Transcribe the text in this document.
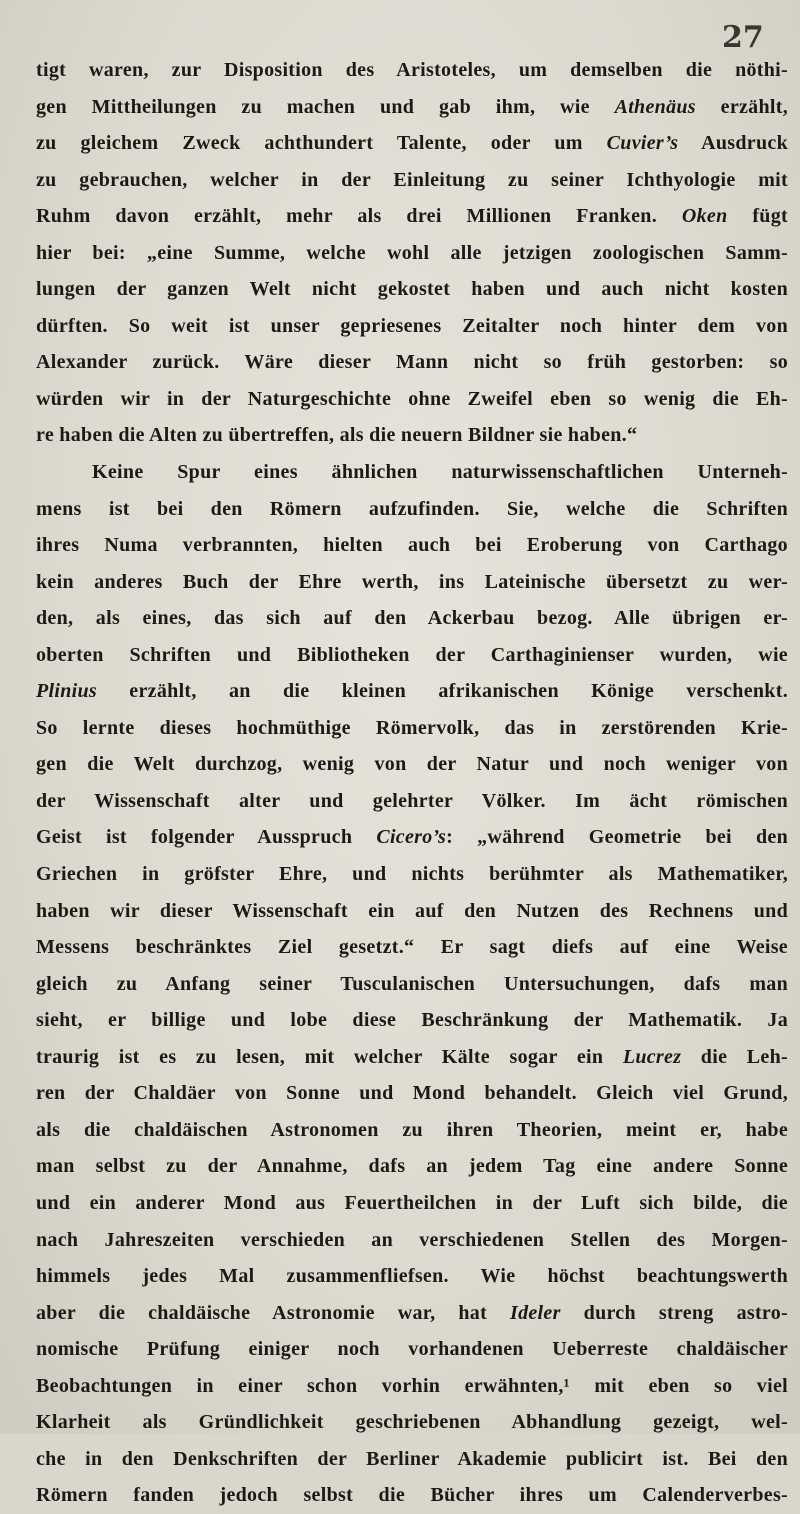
27
tigt waren, zur Disposition des Aristoteles, um demselben die nöthi-
gen Mittheilungen zu machen und gab ihm, wie Athenäus erzählt,
zu gleichem Zweck achthundert Talente, oder um Cuvier’s Ausdruck
zu gebrauchen, welcher in der Einleitung zu seiner Ichthyologie mit
Ruhm davon erzählt, mehr als drei Millionen Franken. Oken fügt
hier bei: „eine Summe, welche wohl alle jetzigen zoologischen Samm-
lungen der ganzen Welt nicht gekostet haben und auch nicht kosten
dürften. So weit ist unser gepriesenes Zeitalter noch hinter dem von
Alexander zurück. Wäre dieser Mann nicht so früh gestorben: so
würden wir in der Naturgeschichte ohne Zweifel eben so wenig die Eh-
re haben die Alten zu übertreffen, als die neuern Bildner sie haben.“
Keine Spur eines ähnlichen naturwissenschaftlichen Unterneh-
mens ist bei den Römern aufzufinden. Sie, welche die Schriften
ihres Numa verbrannten, hielten auch bei Eroberung von Carthago
kein anderes Buch der Ehre werth, ins Lateinische übersetzt zu wer-
den, als eines, das sich auf den Ackerbau bezog. Alle übrigen er-
oberten Schriften und Bibliotheken der Carthaginienser wurden, wie
Plinius erzählt, an die kleinen afrikanischen Könige verschenkt.
So lernte dieses hochmüthige Römervolk, das in zerstörenden Krie-
gen die Welt durchzog, wenig von der Natur und noch weniger von
der Wissenschaft alter und gelehrter Völker. Im ächt römischen
Geist ist folgender Ausspruch Cicero’s: „während Geometrie bei den
Griechen in gröfster Ehre, und nichts berühmter als Mathematiker,
haben wir dieser Wissenschaft ein auf den Nutzen des Rechnens und
Messens beschränktes Ziel gesetzt.“ Er sagt diefs auf eine Weise
gleich zu Anfang seiner Tusculanischen Untersuchungen, dafs man
sieht, er billige und lobe diese Beschränkung der Mathematik. Ja
traurig ist es zu lesen, mit welcher Kälte sogar ein Lucrez die Leh-
ren der Chaldäer von Sonne und Mond behandelt. Gleich viel Grund,
als die chaldäischen Astronomen zu ihren Theorien, meint er, habe
man selbst zu der Annahme, dafs an jedem Tag eine andere Sonne
und ein anderer Mond aus Feuertheilchen in der Luft sich bilde, die
nach Jahreszeiten verschieden an verschiedenen Stellen des Morgen-
himmels jedes Mal zusammenfliefsen. Wie höchst beachtungswerth
aber die chaldäische Astronomie war, hat Ideler durch streng astro-
nomische Prüfung einiger noch vorhandenen Ueberreste chaldäischer
Beobachtungen in einer schon vorhin erwähnten,¹ mit eben so viel
Klarheit als Gründlichkeit geschriebenen Abhandlung gezeigt, wel-
che in den Denkschriften der Berliner Akademie publicirt ist. Bei den
Römern fanden jedoch selbst die Bücher ihres um Calenderverbes-
